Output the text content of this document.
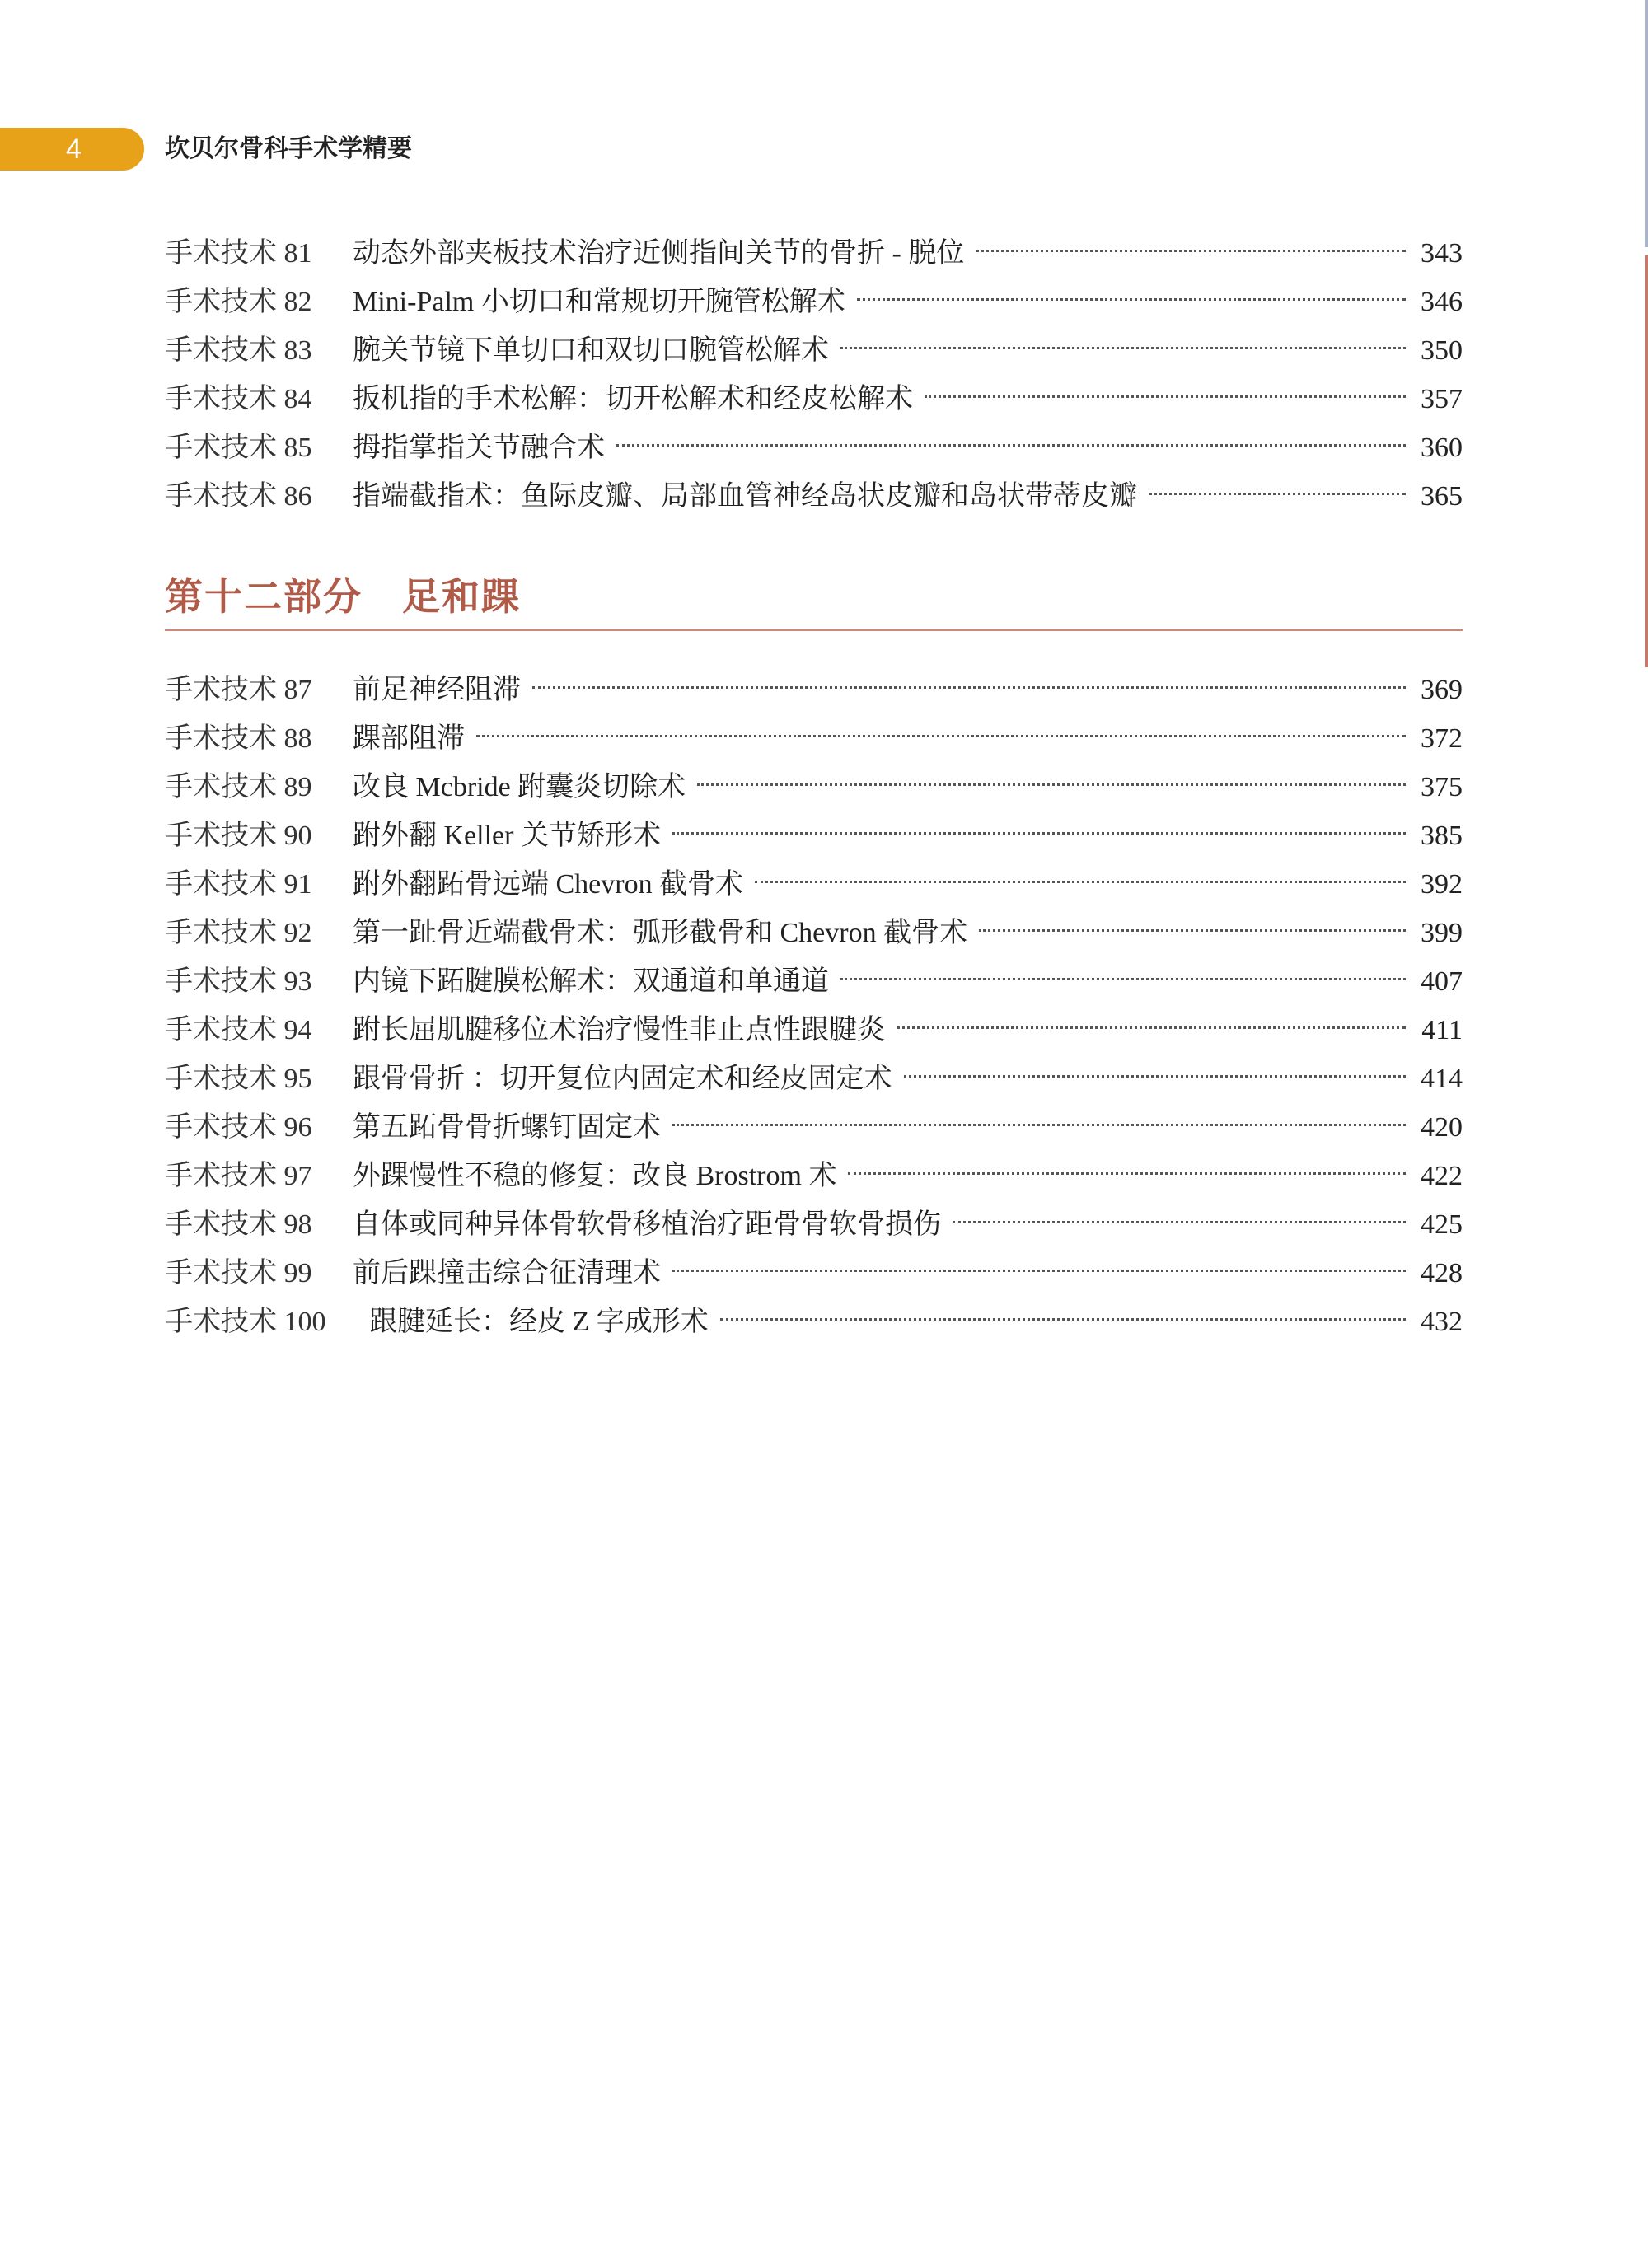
4	坎贝尔骨科手术学精要
手术技术 81	动态外部夹板技术治疗近侧指间关节的骨折 - 脱位	343
手术技术 82	Mini-Palm 小切口和常规切开腕管松解术	346
手术技术 83	腕关节镜下单切口和双切口腕管松解术	350
手术技术 84	扳机指的手术松解：切开松解术和经皮松解术	357
手术技术 85	拇指掌指关节融合术	360
手术技术 86	指端截指术：鱼际皮瓣、局部血管神经岛状皮瓣和岛状带蒂皮瓣	365
第十二部分　足和踝
手术技术 87	前足神经阻滞	369
手术技术 88	踝部阻滞	372
手术技术 89	改良 Mcbride 跗囊炎切除术	375
手术技术 90	跗外翻 Keller 关节矫形术	385
手术技术 91	跗外翻跖骨远端 Chevron 截骨术	392
手术技术 92	第一趾骨近端截骨术：弧形截骨和 Chevron 截骨术	399
手术技术 93	内镜下跖腱膜松解术：双通道和单通道	407
手术技术 94	跗长屈肌腱移位术治疗慢性非止点性跟腱炎	411
手术技术 95	跟骨骨折 ：切开复位内固定术和经皮固定术	414
手术技术 96	第五跖骨骨折螺钉固定术	420
手术技术 97	外踝慢性不稳的修复：改良 Brostrom 术	422
手术技术 98	自体或同种异体骨软骨移植治疗距骨骨软骨损伤	425
手术技术 99	前后踝撞击综合征清理术	428
手术技术 100	跟腱延长：经皮 Z 字成形术	432
